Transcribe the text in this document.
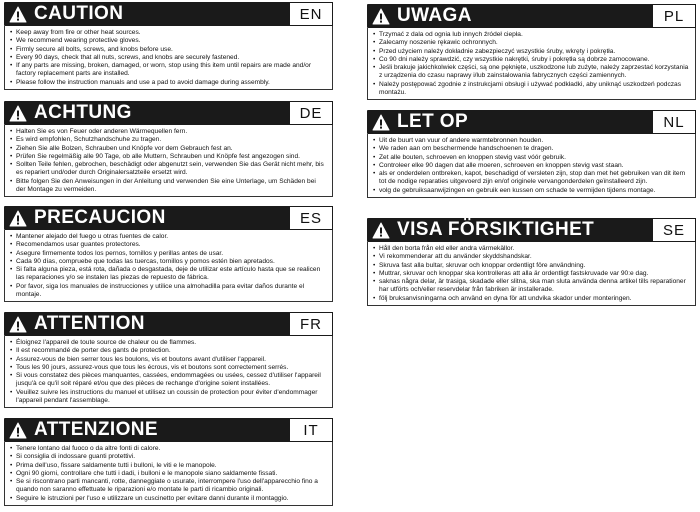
CAUTION	EN
• Keep away from fire or other heat sources.
• We recommend wearing protective gloves.
• Firmly secure all bolts, screws, and knobs before use.
• Every 90 days, check that all nuts, screws, and knobs are securely fastened.
• If any parts are missing, broken, damaged, or worn, stop using this item until repairs are made and/or factory replacement parts are installed.
• Please follow the instruction manuals and use a pad to avoid damage during assembly.
ACHTUNG	DE
• Halten Sie es von Feuer oder anderen Wärmequellen fern.
• Es wird empfohlen, Schutzhandschuhe zu tragen.
• Ziehen Sie alle Bolzen, Schrauben und Knöpfe vor dem Gebrauch fest an.
• Prüfen Sie regelmäßig alle 90 Tage, ob alle Muttern, Schrauben und Knöpfe fest angezogen sind.
• Sollten Teile fehlen, gebrochen, beschädigt oder abgenutzt sein, verwenden Sie das Gerät nicht mehr, bis es repariert und/oder durch Originalersatzteile ersetzt wird.
• Bitte folgen Sie den Anweisungen in der Anleitung und verwenden Sie eine Unterlage, um Schäden bei der Montage zu vermeiden.
PRECAUCION	ES
• Mantener alejado del fuego u otras fuentes de calor.
• Recomendamos usar guantes protectores.
• Asegure firmemente todos los pernos, tornillos y perillas antes de usar.
• Cada 90 días, compruebe que todas las tuercas, tornillos y pomos estén bien apretados.
• Si falta alguna pieza, está rota, dañada o desgastada, deje de utilizar este artículo hasta que se realicen las reparaciones y/o se instalen las piezas de repuesto de fábrica.
• Por favor, siga los manuales de instrucciones y utilice una almohadilla para evitar daños durante el montaje.
ATTENTION	FR
• Éloignez l'appareil de toute source de chaleur ou de flammes.
• Il est recommandé de porter des gants de protection.
• Assurez-vous de bien serrer tous les boulons, vis et boutons avant d'utiliser l'appareil.
• Tous les 90 jours, assurez-vous que tous les écrous, vis et boutons sont correctement serrés.
• Si vous constatez des pièces manquantes, cassées, endommagées ou usées, cessez d'utiliser l'appareil jusqu'à ce qu'il soit réparé et/ou que des pièces de rechange d'origine soient installées.
• Veuillez suivre les instructions du manuel et utilisez un coussin de protection pour éviter d'endommager l'appareil pendant l'assemblage.
ATTENZIONE	IT
• Tenere lontano dal fuoco o da altre fonti di calore.
• Si consiglia di indossare guanti protettivi.
• Prima dell'uso, fissare saldamente tutti i bulloni, le viti e le manopole.
• Ogni 90 giorni, controllare che tutti i dadi, i bulloni e le manopole siano saldamente fissati.
• Se si riscontrano parti mancanti, rotte, danneggiate o usurate, interrompere l'uso dell'apparecchio fino a quando non saranno effettuate le riparazioni e/o montate le parti di ricambio originali.
• Seguire le istruzioni per l'uso e utilizzare un cuscinetto per evitare danni durante il montaggio.
UWAGA	PL
• Trzymać z dala od ognia lub innych źródeł ciepła.
• Zalecamy noszenie rękawic ochronnych.
• Przed użyciem należy dokładnie zabezpieczyć wszystkie śruby, wkręty i pokrętła.
• Co 90 dni należy sprawdzić, czy wszystkie nakrętki, śruby i pokrętła są dobrze zamocowane.
• Jeśli brakuje jakichkolwiek części, są one pęknięte, uszkodzone lub zużyte, należy zaprzestać korzystania z urządzenia do czasu naprawy i/lub zainstalowania fabrycznych części zamiennych.
• Należy postępować zgodnie z instrukcjami obsługi i używać podkładki, aby uniknąć uszkodzeń podczas montażu.
LET OP	NL
• Uit de buurt van vuur of andere warmtebronnen houden.
• We raden aan om beschermende handschoenen te dragen.
• Zet alle bouten, schroeven en knoppen stevig vast vóór gebruik.
• Controleer elke 90 dagen dat alle moeren, schroeven en knoppen stevig vast staan.
• als er onderdelen ontbreken, kapot, beschadigd of versleten zijn, stop dan met het gebruiken van dit item tot de nodige reparaties uitgevoerd zijn en/of originele vervangonderdelen geïnstalleerd zijn.
• volg de gebruiksaanwijzingen en gebruik een kussen om schade te vermijden tijdens montage.
VISA FÖRSIKTIGHET	SE
• Håll den borta från eld eller andra värmekällor.
• Vi rekommenderar att du använder skyddshandskar.
• Skruva fast alla bultar, skruvar och knoppar ordentligt före användning.
• Muttrar, skruvar och knoppar ska kontrolleras att alla är ordentligt fastskruvade var 90:e dag.
• saknas några delar, är trasiga, skadade eller slitna, ska man sluta använda denna artikel tills reparationer har utförts och/eller reservdelar från fabriken är installerade.
• följ bruksanvisningarna och använd en dyna för att undvika skador under monteringen.
